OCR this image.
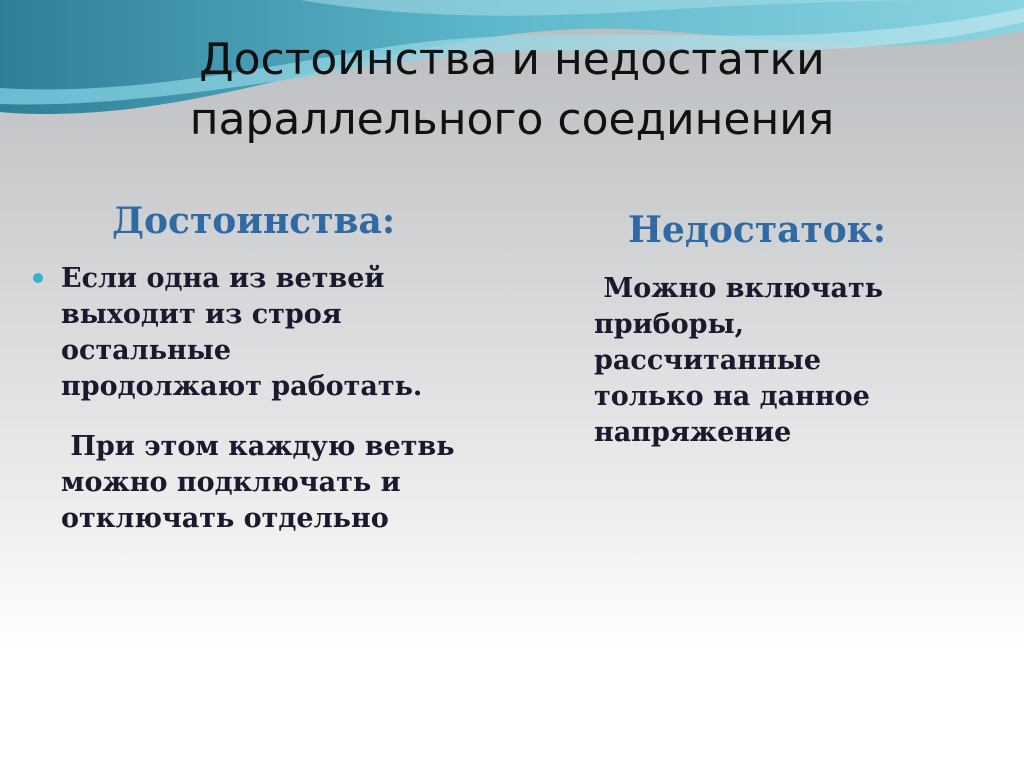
Достоинства и недостатки
параллельного соединения
Достоинства:	Недостаток:
Если одна из ветвей
выходит из строя
остальные
продолжают работать.
При этом каждую ветвь
можно подключать и
отключать отдельно
Можно включать
приборы,
рассчитанные
только на данное
напряжение
